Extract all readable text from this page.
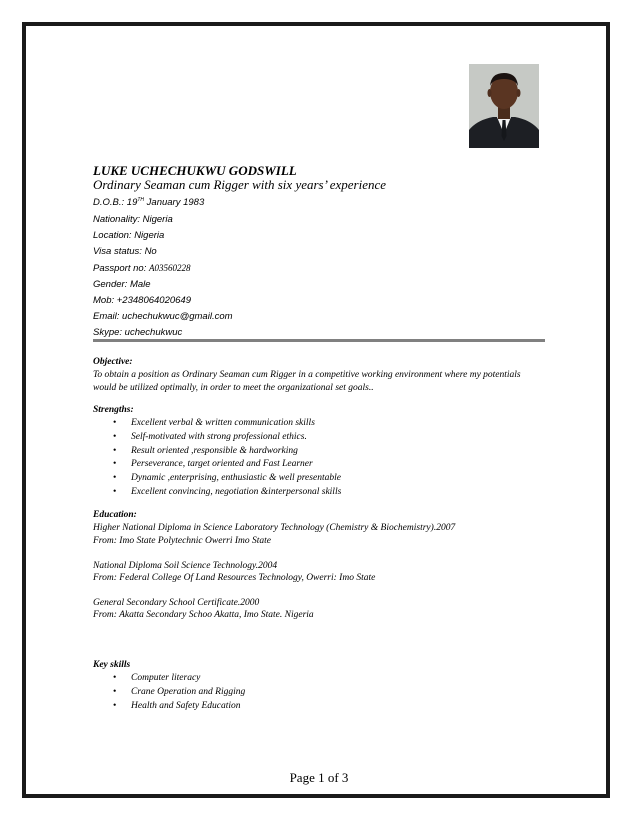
LUKE UCHECHUKWU GODSWILL
Ordinary Seaman cum Rigger with six years’ experience
D.O.B.: 19TH January 1983
Nationality: Nigeria
Location: Nigeria
Visa status: No
Passport no: A03560228
Gender: Male
Mob: +2348064020649
Email: uchechukwuc@gmail.com
Skype: uchechukwuc
Objective:
To obtain a position as Ordinary Seaman cum Rigger in a competitive working environment where my potentials would be utilized optimally, in order to meet the organizational set goals..
Strengths:
• Excellent verbal & written communication skills
• Self-motivated with strong professional ethics.
• Result oriented ,responsible & hardworking
• Perseverance, target oriented and Fast Learner
• Dynamic ,enterprising, enthusiastic & well presentable
• Excellent convincing, negotiation &interpersonal skills
Education:
Higher National Diploma in Science Laboratory Technology (Chemistry & Biochemistry).2007
From: Imo State Polytechnic Owerri Imo State
National Diploma Soil Science Technology.2004
From: Federal College Of Land Resources Technology, Owerri: Imo State
General Secondary School Certificate.2000
From: Akatta Secondary Schoo Akatta, Imo State. Nigeria
Key skills
• Computer literacy
• Crane Operation and Rigging
• Health and Safety Education
Page 1 of 3
